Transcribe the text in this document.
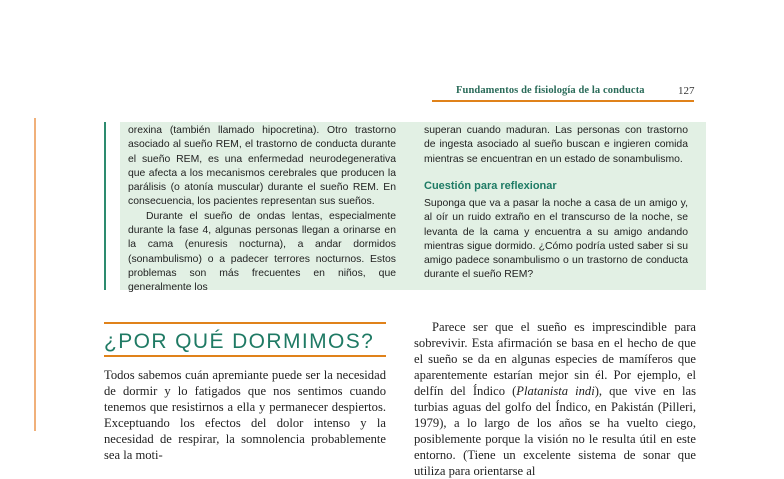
Fundamentos de fisiología de la conducta	127

orexina (también llamado hipocretina). Otro trastorno asociado al sueño REM, el trastorno de conducta durante el sueño REM, es una enfermedad neurodegenerativa que afecta a los mecanismos cerebrales que producen la parálisis (o atonía muscular) durante el sueño REM. En consecuencia, los pacientes representan sus sueños.

Durante el sueño de ondas lentas, especialmente durante la fase 4, algunas personas llegan a orinarse en la cama (enuresis nocturna), a andar dormidos (sonambulismo) o a padecer terrores nocturnos. Estos problemas son más frecuentes en niños, que generalmente los

superan cuando maduran. Las personas con trastorno de ingesta asociado al sueño buscan e ingieren comida mientras se encuentran en un estado de sonambulismo.

Cuestión para reflexionar

Suponga que va a pasar la noche a casa de un amigo y, al oír un ruido extraño en el transcurso de la noche, se levanta de la cama y encuentra a su amigo andando mientras sigue dormido. ¿Cómo podría usted saber si su amigo padece sonambulismo o un trastorno de conducta durante el sueño REM?

¿POR QUÉ DORMIMOS?

Todos sabemos cuán apremiante puede ser la necesidad de dormir y lo fatigados que nos sentimos cuando tenemos que resistirnos a ella y permanecer despiertos. Exceptuando los efectos del dolor intenso y la necesidad de respirar, la somnolencia probablemente sea la moti-

Parece ser que el sueño es imprescindible para sobrevivir. Esta afirmación se basa en el hecho de que el sueño se da en algunas especies de mamíferos que aparentemente estarían mejor sin él. Por ejemplo, el delfín del Índico (Platanista indi), que vive en las turbias aguas del golfo del Índico, en Pakistán (Pilleri, 1979), a lo largo de los años se ha vuelto ciego, posiblemente porque la visión no le resulta útil en este entorno. (Tiene un excelente sistema de sonar que utiliza para orientarse al
